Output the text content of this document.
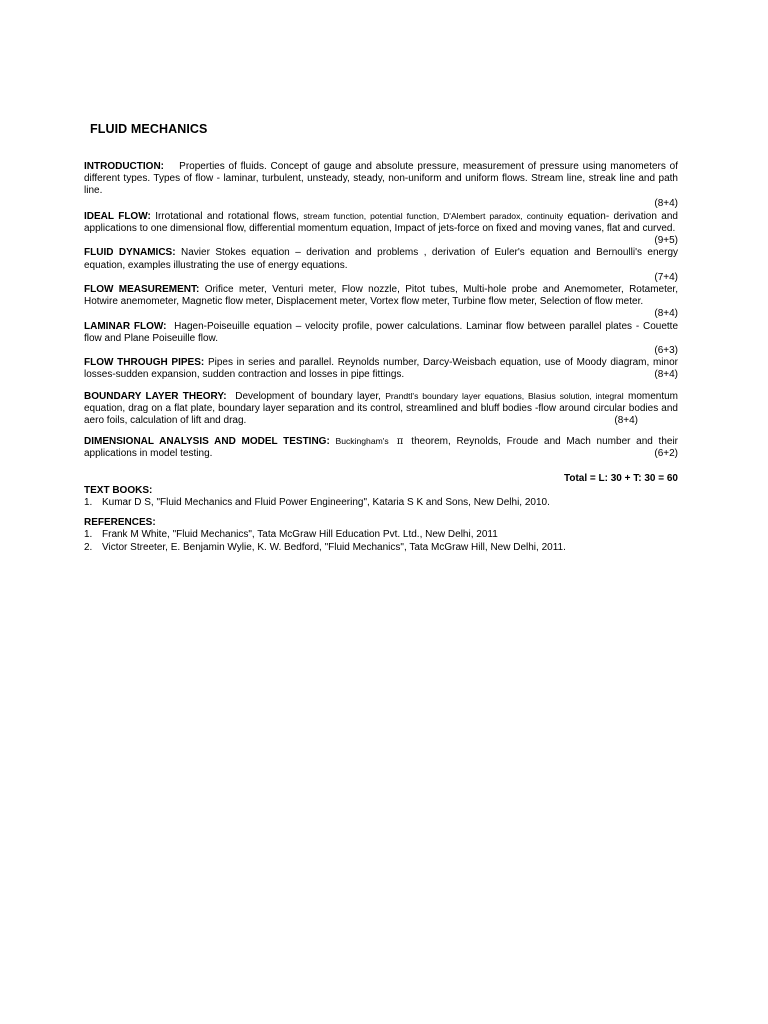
FLUID MECHANICS
INTRODUCTION: Properties of fluids. Concept of gauge and absolute pressure, measurement of pressure using manometers of different types. Types of flow - laminar, turbulent, unsteady, steady, non-uniform and uniform flows. Stream line, streak line and path line.
(8+4)
IDEAL FLOW: Irrotational and rotational flows, stream function, potential function, D'Alembert paradox, continuity equation- derivation and applications to one dimensional flow, differential momentum equation, Impact of jets-force on fixed and moving vanes, flat and curved.
(9+5)
FLUID DYNAMICS: Navier Stokes equation – derivation and problems , derivation of Euler's equation and Bernoulli's energy equation, examples illustrating the use of energy equations.
(7+4)
FLOW MEASUREMENT: Orifice meter, Venturi meter, Flow nozzle, Pitot tubes, Multi-hole probe and Anemometer, Rotameter, Hotwire anemometer, Magnetic flow meter, Displacement meter, Vortex flow meter, Turbine flow meter, Selection of flow meter.
(8+4)
LAMINAR FLOW: Hagen-Poiseuille equation – velocity profile, power calculations. Laminar flow between parallel plates - Couette flow and Plane Poiseuille flow.
(6+3)
FLOW THROUGH PIPES: Pipes in series and parallel. Reynolds number, Darcy-Weisbach equation, use of Moody diagram, minor losses-sudden expansion, sudden contraction and losses in pipe fittings.	(8+4)
BOUNDARY LAYER THEORY: Development of boundary layer, Prandtl's boundary layer equations, Blasius solution, integral momentum equation, drag on a flat plate, boundary layer separation and its control, streamlined and bluff bodies -flow around circular bodies and aero foils, calculation of lift and drag.	(8+4)
DIMENSIONAL ANALYSIS AND MODEL TESTING: Buckingham's π theorem, Reynolds, Froude and Mach number and their applications in model testing.	(6+2)
Total = L: 30 + T: 30 = 60
TEXT BOOKS:
1. Kumar D S, "Fluid Mechanics and Fluid Power Engineering", Kataria S K and Sons, New Delhi, 2010.
REFERENCES:
1. Frank M White, "Fluid Mechanics", Tata McGraw Hill Education Pvt. Ltd., New Delhi, 2011
2. Victor Streeter, E. Benjamin Wylie, K. W. Bedford, "Fluid Mechanics", Tata McGraw Hill, New Delhi, 2011.
